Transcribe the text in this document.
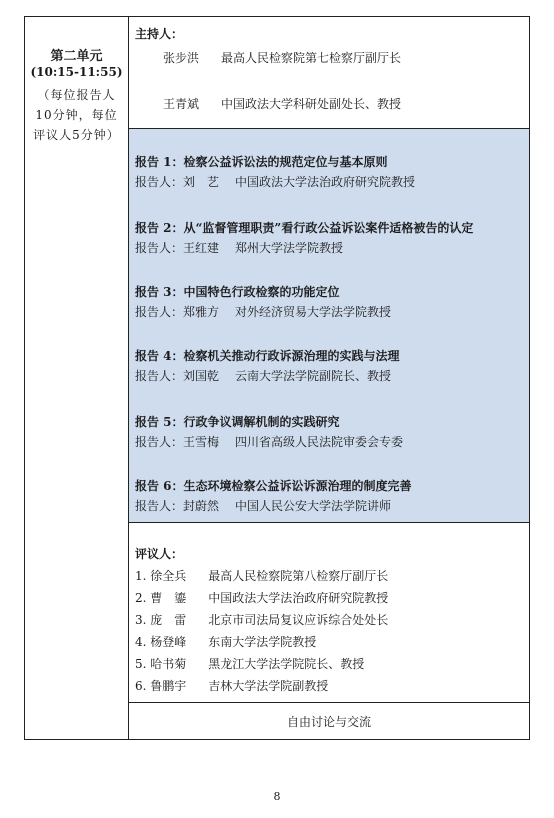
第二单元
(10:15-11:55)
（每位报告人10分钟，每位评议人5分钟）
主持人：
张步洪 最高人民检察院第七检察厅副厅长
王青斌 中国政法大学科研处副处长、教授
报告 1：检察公益诉讼法的规范定位与基本原则
报告人：刘　艺 中国政法大学法治政府研究院教授
报告 2：从“监督管理职责”看行政公益诉讼案件适格被告的认定
报告人：王红建 郑州大学法学院教授
报告 3：中国特色行政检察的功能定位
报告人：郑雅方 对外经济贸易大学法学院教授
报告 4：检察机关推动行政诉源治理的实践与法理
报告人：刘国乾 云南大学法学院副院长、教授
报告 5：行政争议调解机制的实践研究
报告人：王雪梅 四川省高级人民法院审委会专委
报告 6：生态环境检察公益诉讼诉源治理的制度完善
报告人：封蔚然 中国人民公安大学法学院讲师
评议人：
1. 徐全兵 最高人民检察院第八检察厅副厅长
2. 曹　鎏 中国政法大学法治政府研究院教授
3. 庞　雷 北京市司法局复议应诉综合处处长
4. 杨登峰 东南大学法学院教授
5. 哈书菊 黑龙江大学法学院院长、教授
6. 鲁鹏宇 吉林大学法学院副教授
自由讨论与交流
8
